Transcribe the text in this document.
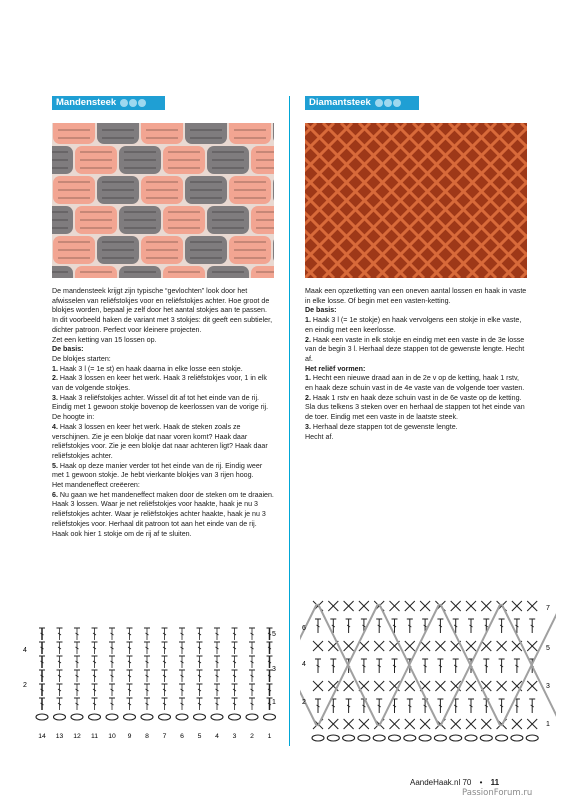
Mandensteek

De mandensteek krijgt zijn typische “gevlochten” look door het afwisselen van reliëfstokjes voor en reliëfstokjes achter. Hoe groot de blokjes worden, bepaal je zelf door het aantal stokjes aan te passen. In dit voorbeeld haken de variant met 3 stokjes: dit geeft een subtieler, dichter patroon. Perfect voor kleinere projecten.

Zet een ketting van 15 lossen op.

De basis:

De blokjes starten:

1. Haak 3 l (= 1e st) en haak daarna in elke losse een stokje.

2. Haak 3 lossen en keer het werk. Haak 3 reliëfstokjes voor, 1 in elk van de volgende stokjes.

3. Haak 3 reliëfstokjes achter. Wissel dit af tot het einde van de rij. Eindig met 1 gewoon stokje bovenop de keerlossen van de vorige rij.

De hoogte in:

4. Haak 3 lossen en keer het werk. Haak de steken zoals ze verschijnen. Zie je een blokje dat naar voren komt? Haak daar reliëfstokjes voor. Zie je een blokje dat naar achteren ligt? Haak daar reliëfstokjes achter.

5. Haak op deze manier verder tot het einde van de rij. Eindig weer met 1 gewoon stokje. Je hebt vierkante blokjes van 3 rijen hoog.

Het mandeneffect creëeren:

6. Nu gaan we het mandeneffect maken door de steken om te draaien. Haak 3 lossen. Waar je net reliëfstokjes voor haakte, haak je nu 3 reliëfstokjes achter. Waar je reliëfstokjes achter haakte, haak je nu 3 reliëfstokjes voor. Herhaal dit patroon tot aan het einde van de rij. Haak ook hier 1 stokje om de rij af te sluiten.

4
2
5
3
1
14 13 12 11 10 9 8 7 6 5 4 3 2 1
Diamantsteek

Maak een opzetketting van een oneven aantal lossen en haak in vaste in elke losse. Of begin met een vasten-ketting.

De basis:

1. Haak 3 l (= 1e stokje) en haak vervolgens een stokje in elke vaste, en eindig met een keerlosse.

2. Haak een vaste in elk stokje en eindig met een vaste in de 3e losse van de begin 3 l. Herhaal deze stappen tot de gewenste lengte. Hecht af.

Het reliëf vormen:

1. Hecht een nieuwe draad aan in de 2e v op de ketting, haak 1 rstv, en haak deze schuin vast in de 4e vaste van de volgende toer vasten.

2. Haak 1 rstv en haak deze schuin vast in de 6e vaste op de ketting. Sla dus telkens 3 steken over en herhaal de stappen tot het einde van de toer. Eindig met een vaste in de laatste steek.

3. Herhaal deze stappen tot de gewenste lengte.

Hecht af.

6
4
2
7
5
3
1
AandeHaak.nl 70 • 11
PassionForum.ru
